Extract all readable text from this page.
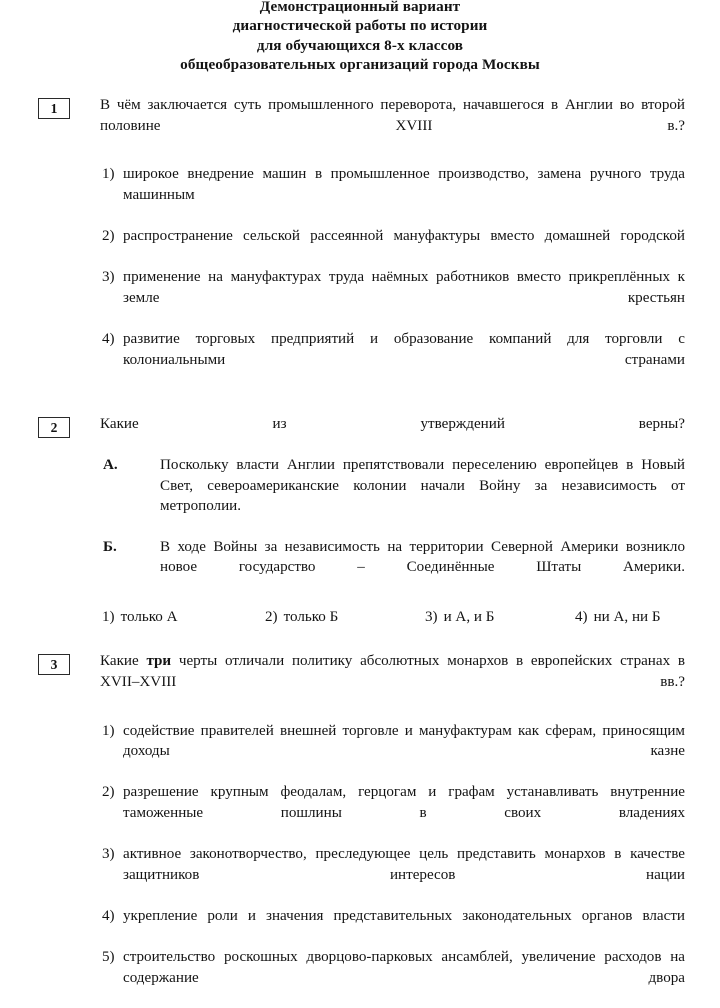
Демонстрационный вариант
диагностической работы по истории
для обучающихся 8-х классов
общеобразовательных организаций города Москвы
1	В чём заключается суть промышленного переворота, начавшегося в Англии во второй половине XVIII в.?

1) широкое внедрение машин в промышленное производство, замена ручного труда машинным
2) распространение сельской рассеянной мануфактуры вместо домашней городской
3) применение на мануфактурах труда наёмных работников вместо прикреплённых к земле крестьян
4) развитие торговых предприятий и образование компаний для торговли с колониальными странами
2	Какие из утверждений верны?

А.	Поскольку власти Англии препятствовали переселению европейцев в Новый Свет, североамериканские колонии начали Войну за независимость от метрополии.
Б.	В ходе Войны за независимость на территории Северной Америки возникло новое государство – Соединённые Штаты Америки.
1) только А	2) только Б	3) и А, и Б	4) ни А, ни Б
3	Какие три черты отличали политику абсолютных монархов в европейских странах в XVII–XVIII вв.?

1) содействие правителей внешней торговле и мануфактурам как сферам, приносящим доходы казне
2) разрешение крупным феодалам, герцогам и графам устанавливать внутренние таможенные пошлины в своих владениях
3) активное законотворчество, преследующее цель представить монархов в качестве защитников интересов нации
4) укрепление роли и значения представительных законодательных органов власти
5) строительство роскошных дворцово-парковых ансамблей, увеличение расходов на содержание двора
